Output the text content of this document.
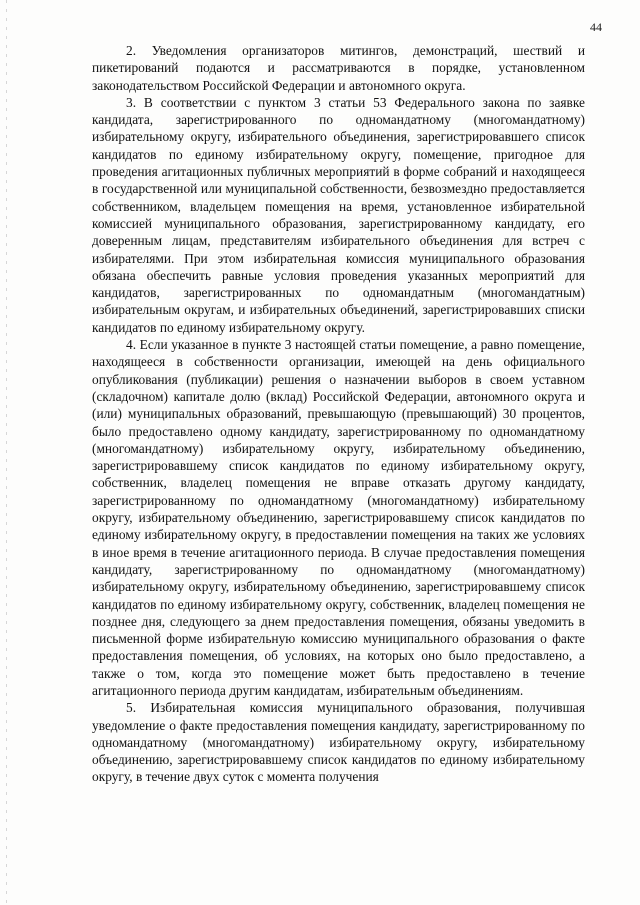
44

2. Уведомления организаторов митингов, демонстраций, шествий и пикетирований подаются и рассматриваются в порядке, установленном законодательством Российской Федерации и автономного округа.

3. В соответствии с пунктом 3 статьи 53 Федерального закона по заявке кандидата, зарегистрированного по одномандатному (многомандатному) избирательному округу, избирательного объединения, зарегистрировавшего список кандидатов по единому избирательному округу, помещение, пригодное для проведения агитационных публичных мероприятий в форме собраний и находящееся в государственной или муниципальной собственности, безвозмездно предоставляется собственником, владельцем помещения на время, установленное избирательной комиссией муниципального образования, зарегистрированному кандидату, его доверенным лицам, представителям избирательного объединения для встреч с избирателями. При этом избирательная комиссия муниципального образования обязана обеспечить равные условия проведения указанных мероприятий для кандидатов, зарегистрированных по одномандатным (многомандатным) избирательным округам, и избирательных объединений, зарегистрировавших списки кандидатов по единому избирательному округу.

4. Если указанное в пункте 3 настоящей статьи помещение, а равно помещение, находящееся в собственности организации, имеющей на день официального опубликования (публикации) решения о назначении выборов в своем уставном (складочном) капитале долю (вклад) Российской Федерации, автономного округа и (или) муниципальных образований, превышающую (превышающий) 30 процентов, было предоставлено одному кандидату, зарегистрированному по одномандатному (многомандатному) избирательному округу, избирательному объединению, зарегистрировавшему список кандидатов по единому избирательному округу, собственник, владелец помещения не вправе отказать другому кандидату, зарегистрированному по одномандатному (многомандатному) избирательному округу, избирательному объединению, зарегистрировавшему список кандидатов по единому избирательному округу, в предоставлении помещения на таких же условиях в иное время в течение агитационного периода. В случае предоставления помещения кандидату, зарегистрированному по одномандатному (многомандатному) избирательному округу, избирательному объединению, зарегистрировавшему список кандидатов по единому избирательному округу, собственник, владелец помещения не позднее дня, следующего за днем предоставления помещения, обязаны уведомить в письменной форме избирательную комиссию муниципального образования о факте предоставления помещения, об условиях, на которых оно было предоставлено, а также о том, когда это помещение может быть предоставлено в течение агитационного периода другим кандидатам, избирательным объединениям.

5. Избирательная комиссия муниципального образования, получившая уведомление о факте предоставления помещения кандидату, зарегистрированному по одномандатному (многомандатному) избирательному округу, избирательному объединению, зарегистрировавшему список кандидатов по единому избирательному округу, в течение двух суток с момента получения
